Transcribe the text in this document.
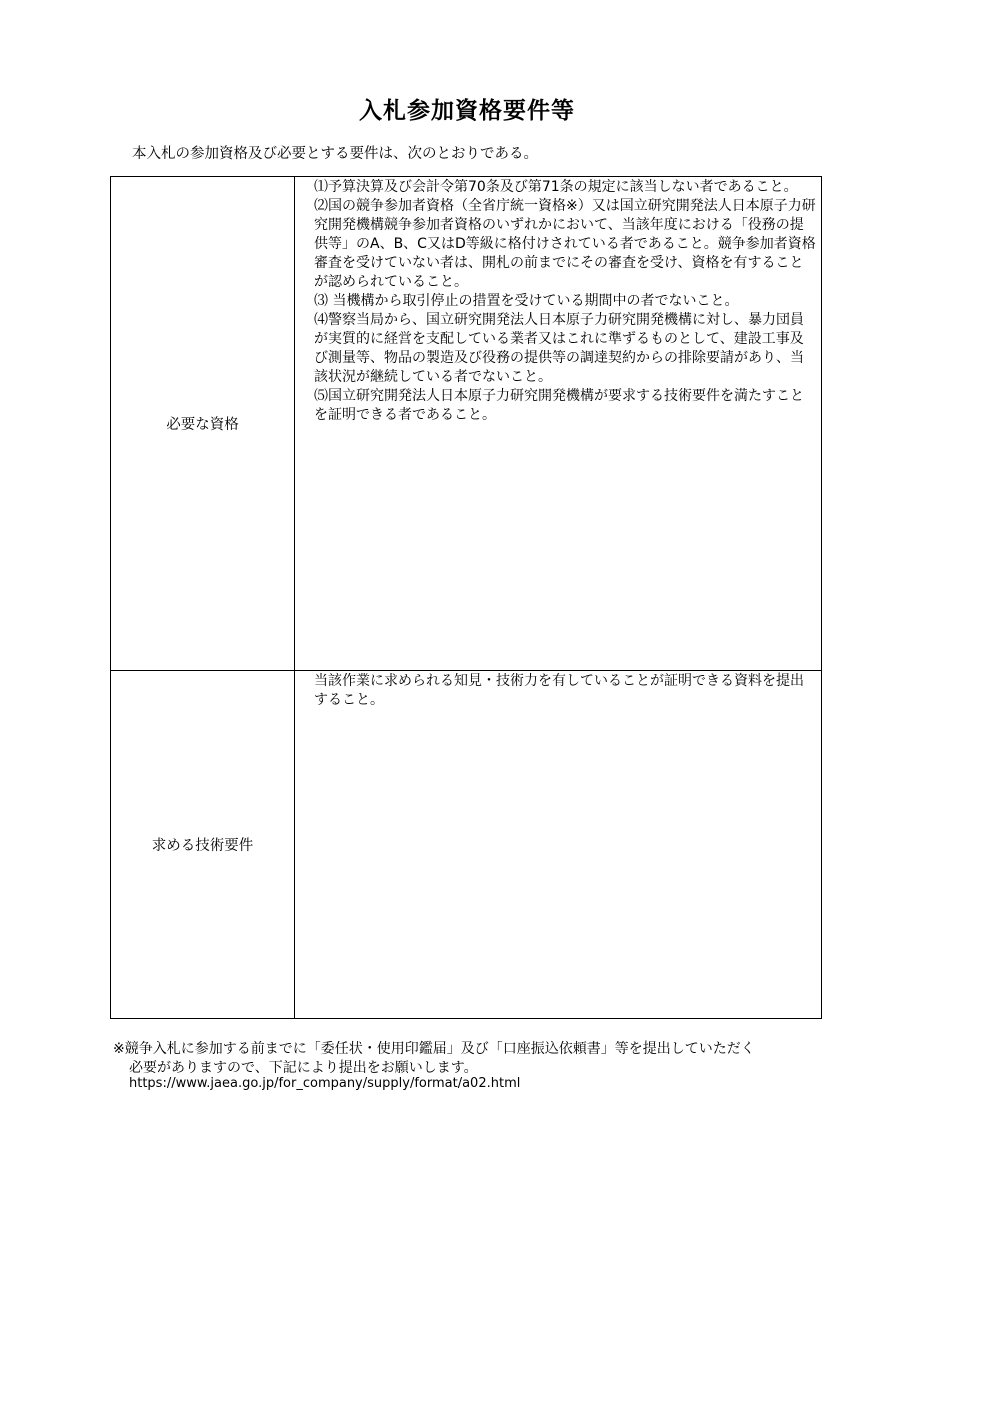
入札参加資格要件等
本入札の参加資格及び必要とする要件は、次のとおりである。
必要な資格	⑴予算決算及び会計令第70条及び第71条の規定に該当しない者であること。

⑵国の競争参加者資格（全省庁統一資格※）又は国立研究開発法人日本原子力研究開発機構競争参加者資格のいずれかにおいて、当該年度における「役務の提供等」のA、B、C又はD等級に格付けされている者であること。競争参加者資格審査を受けていない者は、開札の前までにその審査を受け、資格を有することが認められていること。

⑶ 当機構から取引停止の措置を受けている期間中の者でないこと。

⑷警察当局から、国立研究開発法人日本原子力研究開発機構に対し、暴力団員が実質的に経営を支配している業者又はこれに準ずるものとして、建設工事及び測量等、物品の製造及び役務の提供等の調達契約からの排除要請があり、当該状況が継続している者でないこと。

⑸国立研究開発法人日本原子力研究開発機構が要求する技術要件を満たすことを証明できる者であること。

求める技術要件	当該作業に求められる知見・技術力を有していることが証明できる資料を提出すること。

※競争入札に参加する前までに「委任状・使用印鑑届」及び「口座振込依頼書」等を提出していただく
必要がありますので、下記により提出をお願いします。
https://www.jaea.go.jp/for_company/supply/format/a02.html
